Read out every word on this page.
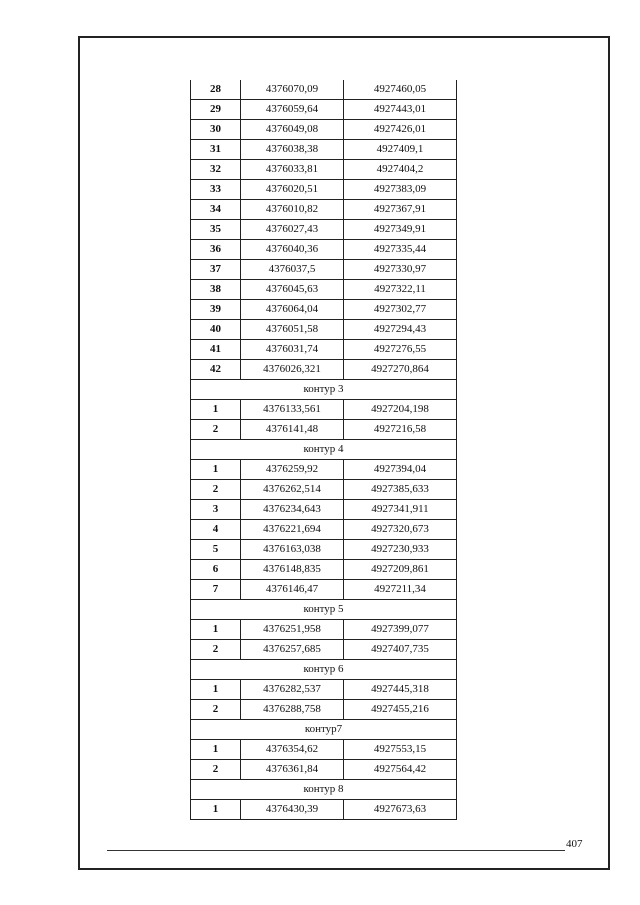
28	4376070,09	4927460,05
29	4376059,64	4927443,01
30	4376049,08	4927426,01
31	4376038,38	4927409,1
32	4376033,81	4927404,2
33	4376020,51	4927383,09
34	4376010,82	4927367,91
35	4376027,43	4927349,91
36	4376040,36	4927335,44
37	4376037,5	4927330,97
38	4376045,63	4927322,11
39	4376064,04	4927302,77
40	4376051,58	4927294,43
41	4376031,74	4927276,55
42	4376026,321	4927270,864
контур 3		
1	4376133,561	4927204,198
2	4376141,48	4927216,58
контур 4		
1	4376259,92	4927394,04
2	4376262,514	4927385,633
3	4376234,643	4927341,911
4	4376221,694	4927320,673
5	4376163,038	4927230,933
6	4376148,835	4927209,861
7	4376146,47	4927211,34
контур 5		
1	4376251,958	4927399,077
2	4376257,685	4927407,735
контур 6		
1	4376282,537	4927445,318
2	4376288,758	4927455,216
контур7		
1	4376354,62	4927553,15
2	4376361,84	4927564,42
контур 8		
1	4376430,39	4927673,63
407
